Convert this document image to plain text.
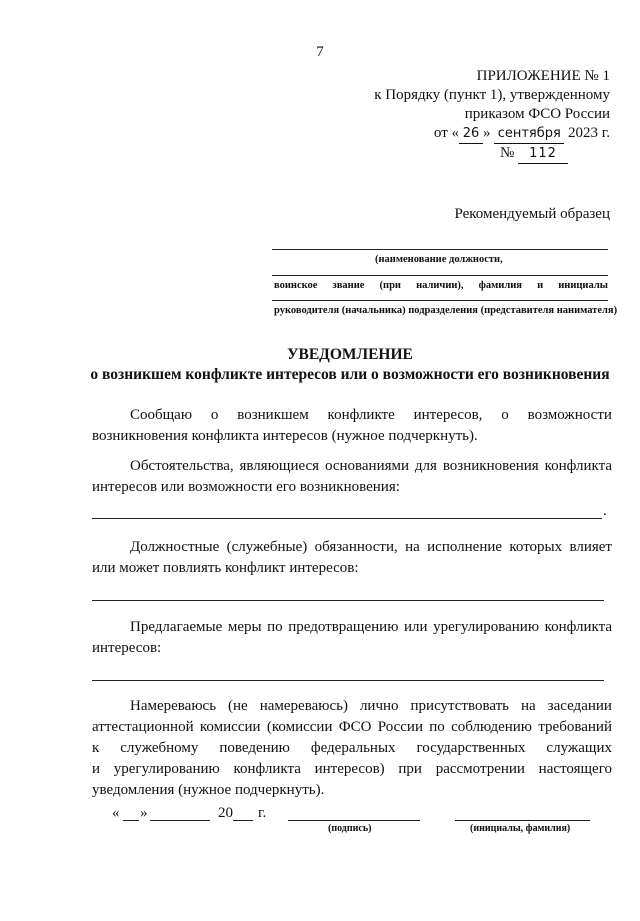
7
ПРИЛОЖЕНИЕ № 1
к Порядку (пункт 1), утвержденному
приказом ФСО России
от « 26 » сентября 2023 г.
№ 112
Рекомендуемый образец
(наименование должности,
воинское звание (при наличии), фамилия и инициалы
руководителя (начальника) подразделения (представителя нанимателя)
УВЕДОМЛЕНИЕ
о возникшем конфликте интересов или о возможности его возникновения
Сообщаю о возникшем конфликте интересов, о возможности
возникновения конфликта интересов (нужное подчеркнуть).

Обстоятельства, являющиеся основаниями для возникновения конфликта интересов или возможности его возникновения:

.

Должностные (служебные) обязанности, на исполнение которых влияет или может повлиять конфликт интересов:

Предлагаемые меры по предотвращению или урегулированию конфликта интересов:

Намереваюсь (не намереваюсь) лично присутствовать на заседании
аттестационной комиссии (комиссии ФСО России по соблюдению требований
к служебному поведению федеральных государственных служащих
и урегулированию конфликта интересов) при рассмотрении настоящего
уведомления (нужное подчеркнуть).
« »	20 г.
(подпись)	(инициалы, фамилия)
